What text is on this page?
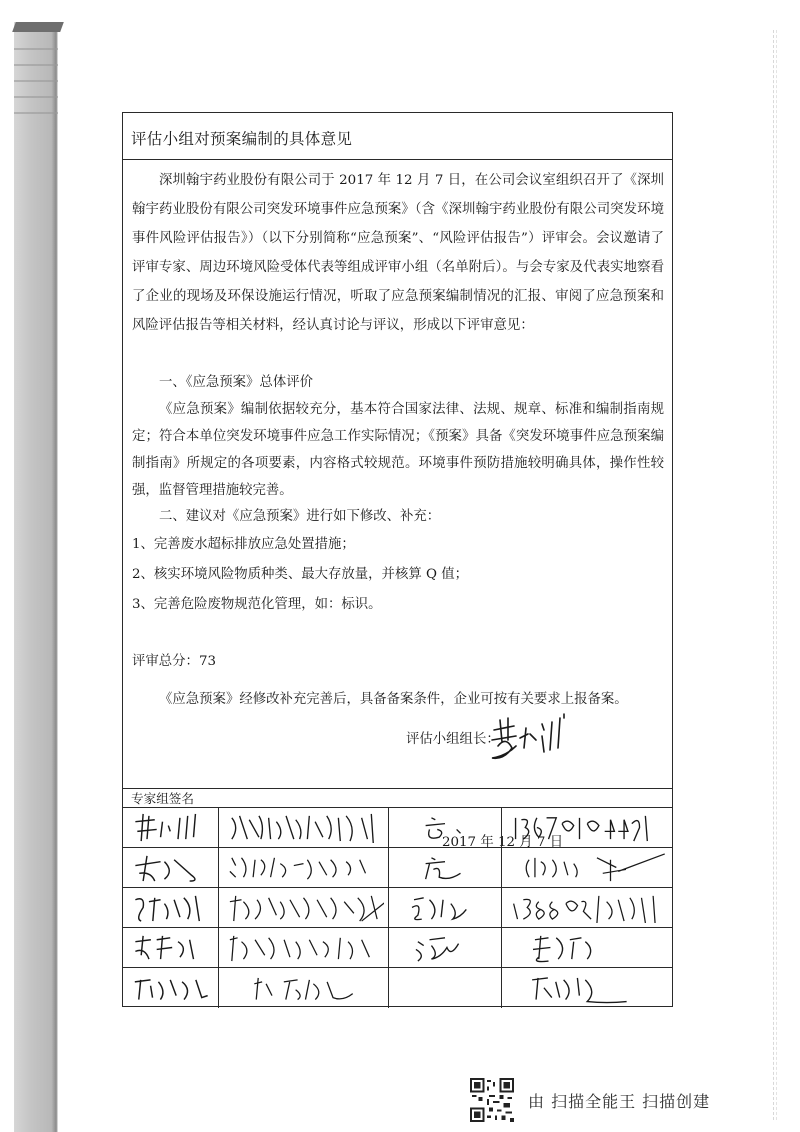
评估小组对预案编制的具体意见

深圳翰宇药业股份有限公司于 2017 年 12 月 7 日，在公司会议室组织召开了《深圳翰宇药业股份有限公司突发环境事件应急预案》（含《深圳翰宇药业股份有限公司突发环境事件风险评估报告》）（以下分别简称“应急预案”、“风险评估报告”）评审会。会议邀请了评审专家、周边环境风险受体代表等组成评审小组（名单附后）。与会专家及代表实地察看了企业的现场及环保设施运行情况，听取了应急预案编制情况的汇报、审阅了应急预案和风险评估报告等相关材料，经认真讨论与评议，形成以下评审意见：

一、《应急预案》总体评价

《应急预案》编制依据较充分，基本符合国家法律、法规、规章、标准和编制指南规定；符合本单位突发环境事件应急工作实际情况；《预案》具备《突发环境事件应急预案编制指南》所规定的各项要素，内容格式较规范。环境事件预防措施较明确具体，操作性较强，监督管理措施较完善。

二、建议对《应急预案》进行如下修改、补充：

1、完善废水超标排放应急处置措施；

2、核实环境风险物质种类、最大存放量，并核算 Q 值；

3、完善危险废物规范化管理，如：标识。

评审总分：73

《应急预案》经修改补充完善后，具备备案条件，企业可按有关要求上报备案。

评估小组组长：
2017 年 12 月 7 日
专家组签名

由 扫描全能王 扫描创建
